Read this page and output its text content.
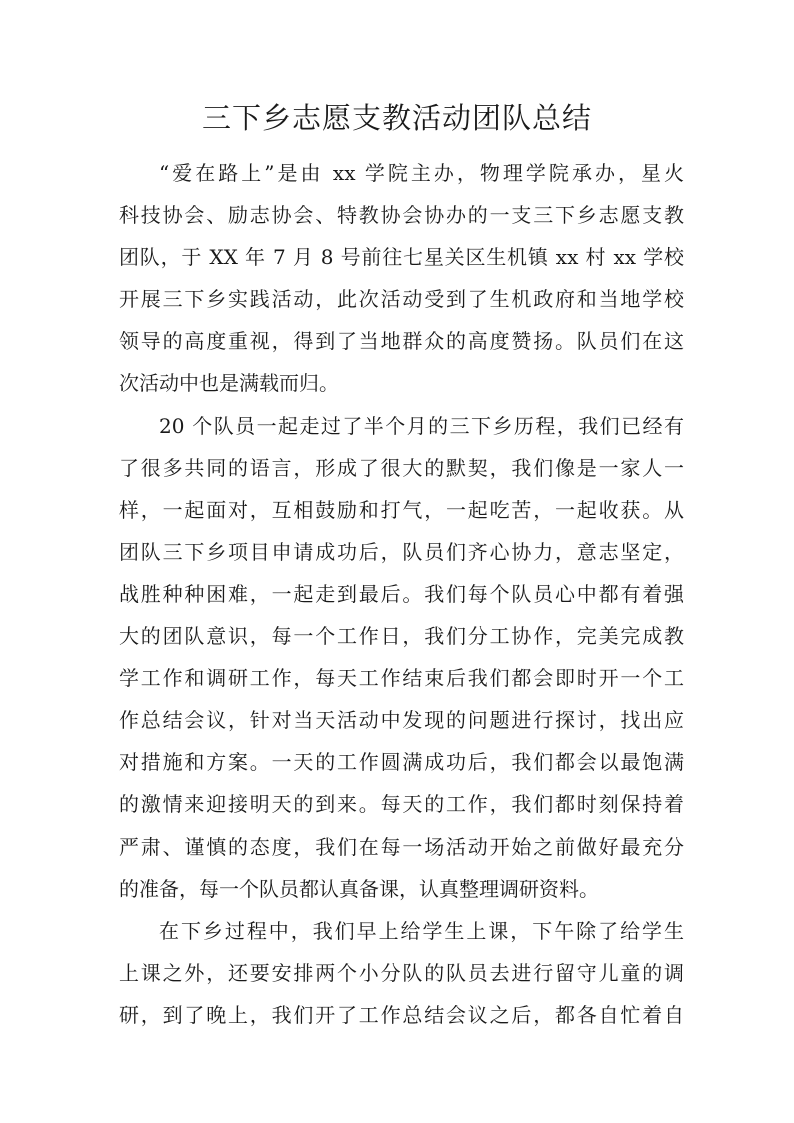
三下乡志愿支教活动团队总结

“爱在路上”是由 xx 学院主办，物理学院承办，星火
科技协会、励志协会、特教协会协办的一支三下乡志愿支教
团队，于 XX 年 7 月 8 号前往七星关区生机镇 xx 村 xx 学校
开展三下乡实践活动，此次活动受到了生机政府和当地学校
领导的高度重视，得到了当地群众的高度赞扬。队员们在这
次活动中也是满载而归。

20 个队员一起走过了半个月的三下乡历程，我们已经有
了很多共同的语言，形成了很大的默契，我们像是一家人一
样，一起面对，互相鼓励和打气，一起吃苦，一起收获。从
团队三下乡项目申请成功后，队员们齐心协力，意志坚定，
战胜种种困难，一起走到最后。我们每个队员心中都有着强
大的团队意识，每一个工作日，我们分工协作，完美完成教
学工作和调研工作，每天工作结束后我们都会即时开一个工
作总结会议，针对当天活动中发现的问题进行探讨，找出应
对措施和方案。一天的工作圆满成功后，我们都会以最饱满
的激情来迎接明天的到来。每天的工作，我们都时刻保持着
严肃、谨慎的态度，我们在每一场活动开始之前做好最充分
的准备，每一个队员都认真备课，认真整理调研资料。

在下乡过程中，我们早上给学生上课，下午除了给学生
上课之外，还要安排两个小分队的队员去进行留守儿童的调
研，到了晚上，我们开了工作总结会议之后，都各自忙着自
